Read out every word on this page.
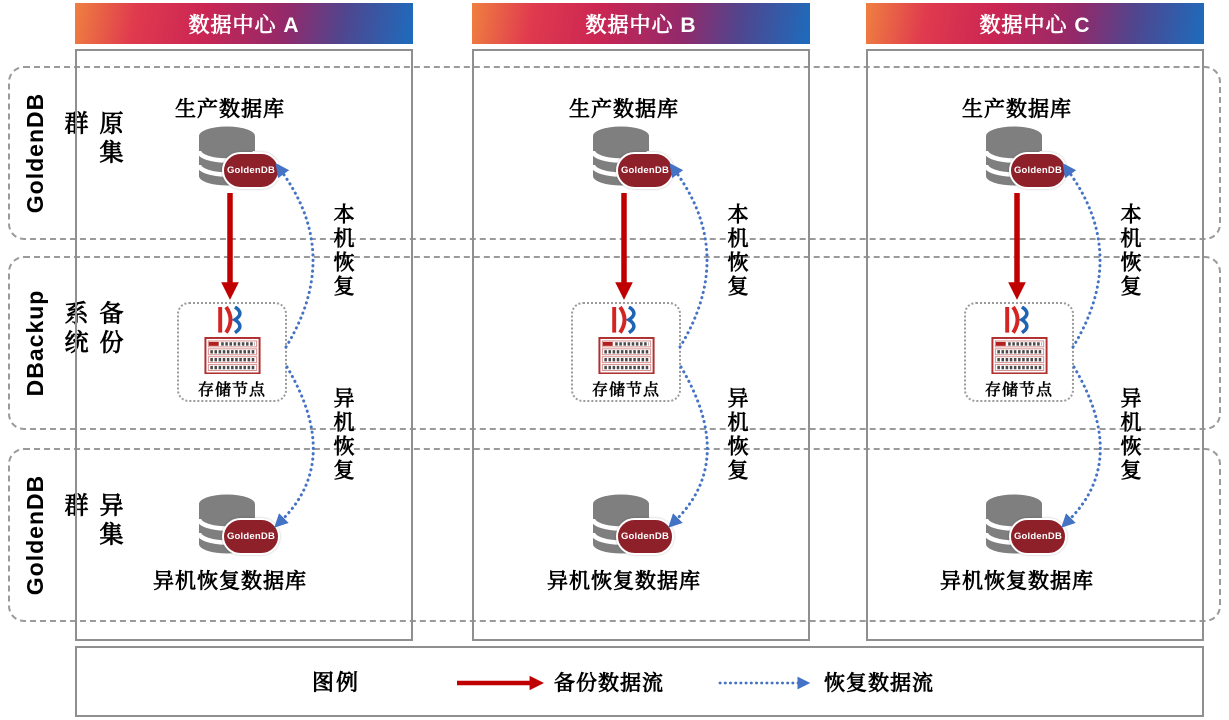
GoldenDB	原集群
DBackup	备份系统
GoldenDB	异集群
数据中心 A	数据中心 B	数据中心 C
生产数据库
GoldenDB
存储节点
GoldenDB
异机恢复数据库
本机恢复
异机恢复
生产数据库
GoldenDB
存储节点
GoldenDB
异机恢复数据库
本机恢复
异机恢复
生产数据库
GoldenDB
存储节点
GoldenDB
异机恢复数据库
本机恢复
异机恢复
图例	备份数据流	恢复数据流
